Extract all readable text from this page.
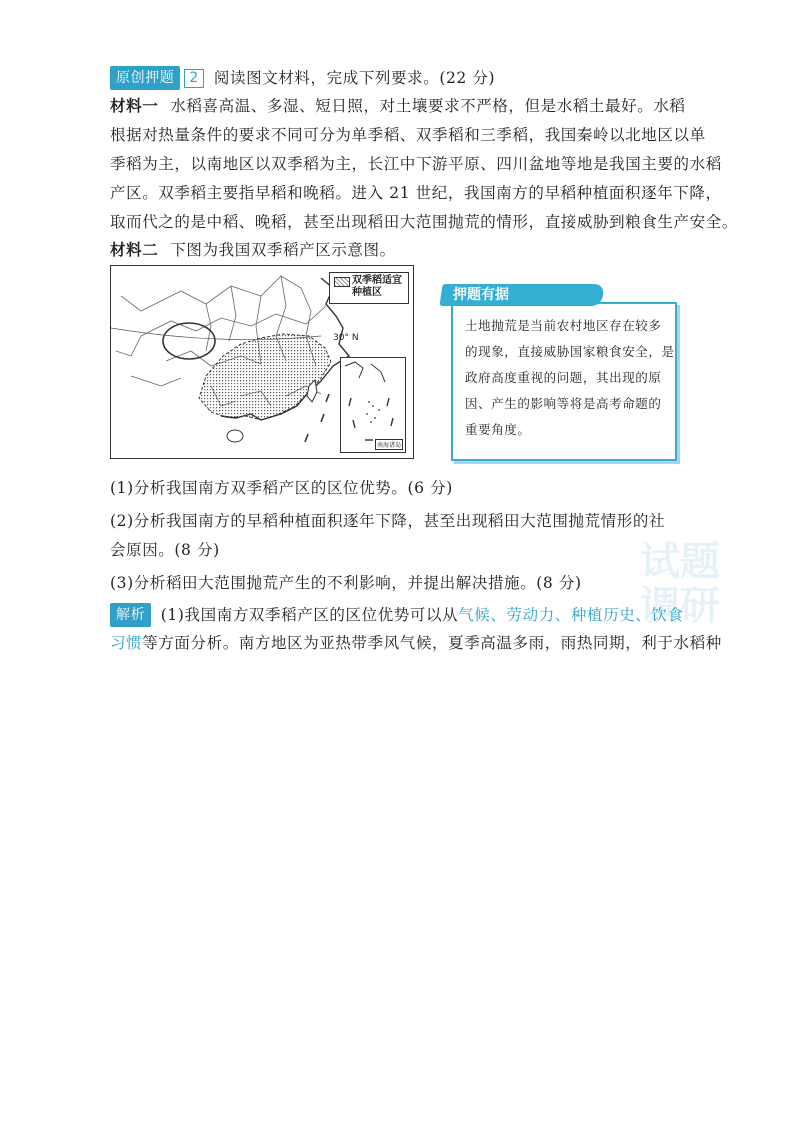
试题
调研
原创押题 2 阅读图文材料，完成下列要求。(22 分)
材料一 水稻喜高温、多湿、短日照，对土壤要求不严格，但是水稻土最好。水稻
根据对热量条件的要求不同可分为单季稻、双季稻和三季稻，我国秦岭以北地区以单
季稻为主，以南地区以双季稻为主，长江中下游平原、四川盆地等地是我国主要的水稻
产区。双季稻主要指早稻和晚稻。进入 21 世纪，我国南方的早稻种植面积逐年下降，
取而代之的是中稻、晚稻，甚至出现稻田大范围抛荒的情形，直接威胁到粮食生产安全。
材料二 下图为我国双季稻产区示意图。
双季稻适宜种植区
30° N
南海诸岛
土地抛荒是当前农村地区存在较多
的现象，直接威胁国家粮食安全，是
政府高度重视的问题，其出现的原
因、产生的影响等将是高考命题的
重要角度。
押题有据
(1)分析我国南方双季稻产区的区位优势。(6 分)
(2)分析我国南方的早稻种植面积逐年下降，甚至出现稻田大范围抛荒情形的社
会原因。(8 分)
(3)分析稻田大范围抛荒产生的不利影响，并提出解决措施。(8 分)
解析 (1)我国南方双季稻产区的区位优势可以从气候、劳动力、种植历史、饮食
习惯等方面分析。南方地区为亚热带季风气候，夏季高温多雨，雨热同期，利于水稻种
